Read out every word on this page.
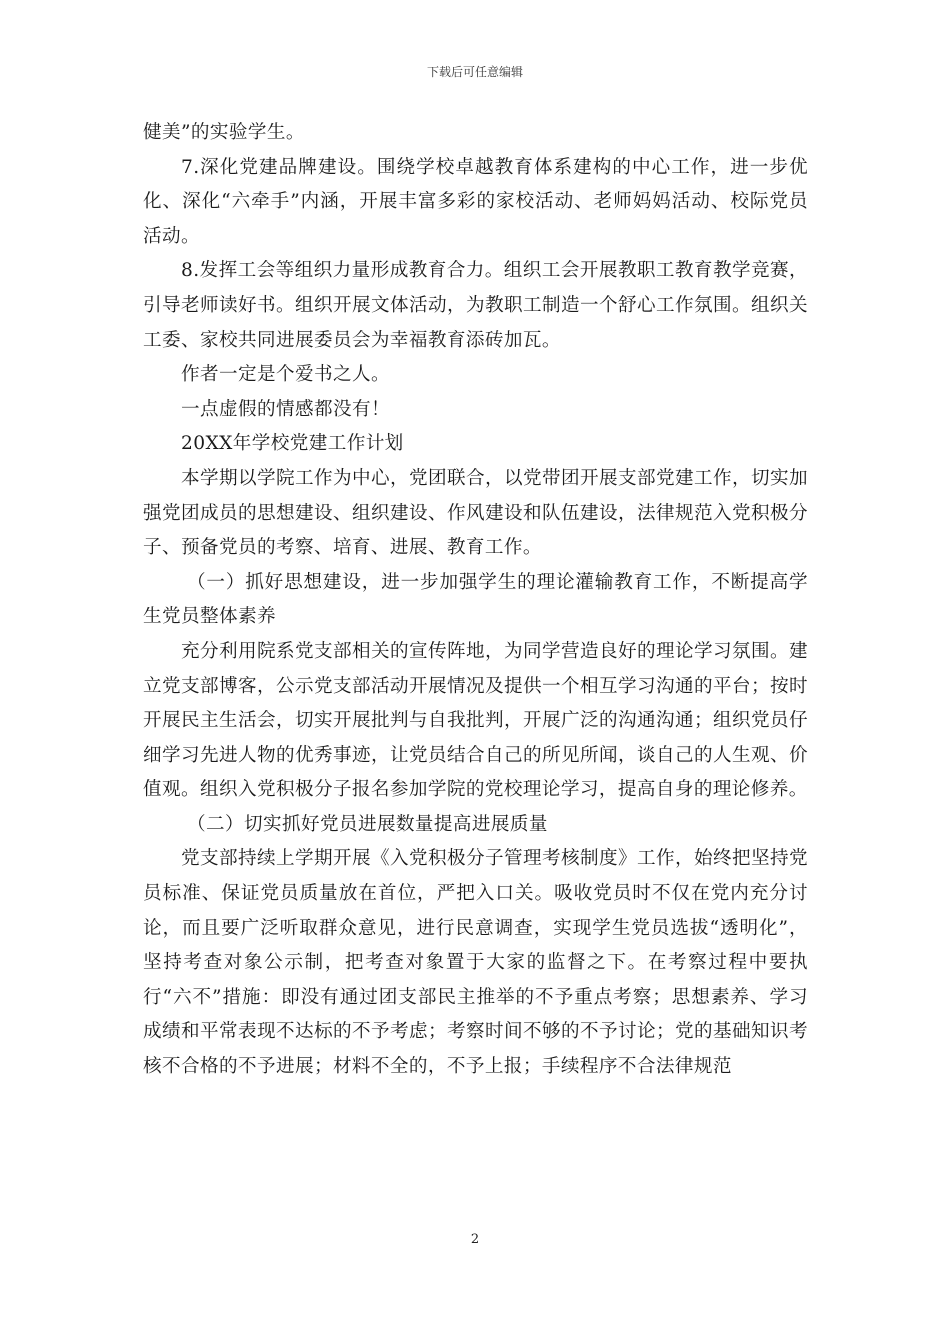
下载后可任意编辑

健美”的实验学生。

7.深化党建品牌建设。围绕学校卓越教育体系建构的中心工作，进一步优化、深化“六牵手”内涵，开展丰富多彩的家校活动、老师妈妈活动、校际党员活动。

8.发挥工会等组织力量形成教育合力。组织工会开展教职工教育教学竞赛，引导老师读好书。组织开展文体活动，为教职工制造一个舒心工作氛围。组织关工委、家校共同进展委员会为幸福教育添砖加瓦。

作者一定是个爱书之人。

一点虚假的情感都没有！

20XX年学校党建工作计划

本学期以学院工作为中心，党团联合，以党带团开展支部党建工作，切实加强党团成员的思想建设、组织建设、作风建设和队伍建设，法律规范入党积极分子、预备党员的考察、培育、进展、教育工作。

（一）抓好思想建设，进一步加强学生的理论灌输教育工作，不断提高学生党员整体素养

充分利用院系党支部相关的宣传阵地，为同学营造良好的理论学习氛围。建立党支部博客，公示党支部活动开展情况及提供一个相互学习沟通的平台；按时开展民主生活会，切实开展批判与自我批判，开展广泛的沟通沟通；组织党员仔细学习先进人物的优秀事迹，让党员结合自己的所见所闻，谈自己的人生观、价值观。组织入党积极分子报名参加学院的党校理论学习，提高自身的理论修养。

（二）切实抓好党员进展数量提高进展质量

党支部持续上学期开展《入党积极分子管理考核制度》工作，始终把坚持党员标准、保证党员质量放在首位，严把入口关。吸收党员时不仅在党内充分讨论，而且要广泛听取群众意见，进行民意调查，实现学生党员选拔“透明化”，坚持考查对象公示制，把考查对象置于大家的监督之下。在考察过程中要执行“六不”措施：即没有通过团支部民主推举的不予重点考察；思想素养、学习成绩和平常表现不达标的不予考虑；考察时间不够的不予讨论；党的基础知识考核不合格的不予进展；材料不全的，不予上报；手续程序不合法律规范

2
